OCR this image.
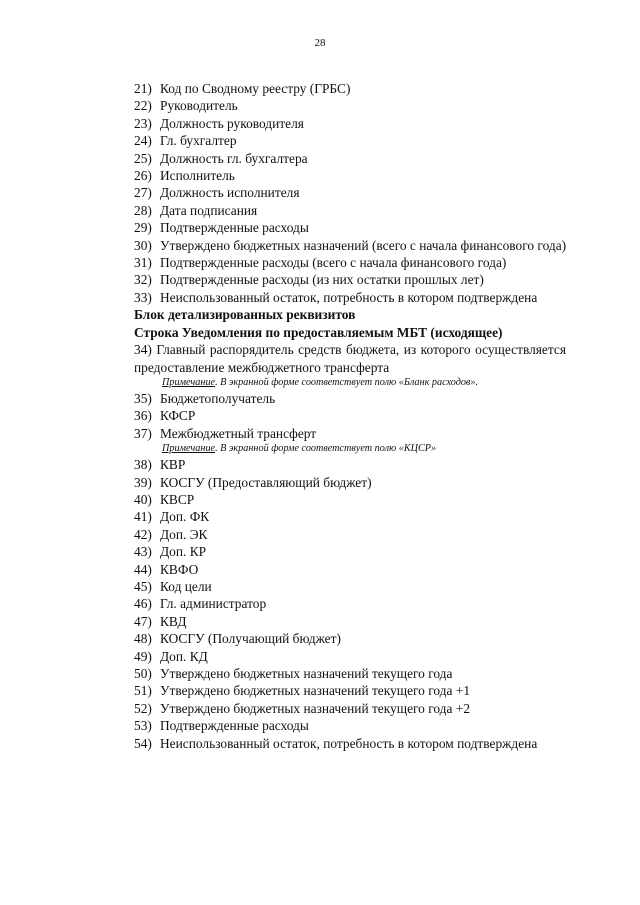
28
21) Код по Сводному реестру (ГРБС)
22) Руководитель
23) Должность руководителя
24) Гл. бухгалтер
25) Должность гл. бухгалтера
26) Исполнитель
27) Должность исполнителя
28) Дата подписания
29) Подтвержденные расходы
30) Утверждено бюджетных назначений (всего с начала финансового года)
31) Подтвержденные расходы (всего с начала финансового года)
32) Подтвержденные расходы (из них остатки прошлых лет)
33) Неиспользованный остаток, потребность в котором подтверждена
Блок детализированных реквизитов
Строка Уведомления по предоставляемым МБТ (исходящее)
34) Главный распорядитель средств бюджета, из которого осуществляется
предоставление межбюджетного трансферта
Примечание. В экранной форме соответствует полю «Бланк расходов».
35) Бюджетополучатель
36) КФСР
37) Межбюджетный трансферт
Примечание. В экранной форме соответствует полю «КЦСР»
38) КВР
39) КОСГУ (Предоставляющий бюджет)
40) КВСР
41) Доп. ФК
42) Доп. ЭК
43) Доп. КР
44) КВФО
45) Код цели
46) Гл. администратор
47) КВД
48) КОСГУ (Получающий бюджет)
49) Доп. КД
50) Утверждено бюджетных назначений текущего года
51) Утверждено бюджетных назначений текущего года +1
52) Утверждено бюджетных назначений текущего года +2
53) Подтвержденные расходы
54) Неиспользованный остаток, потребность в котором подтверждена
